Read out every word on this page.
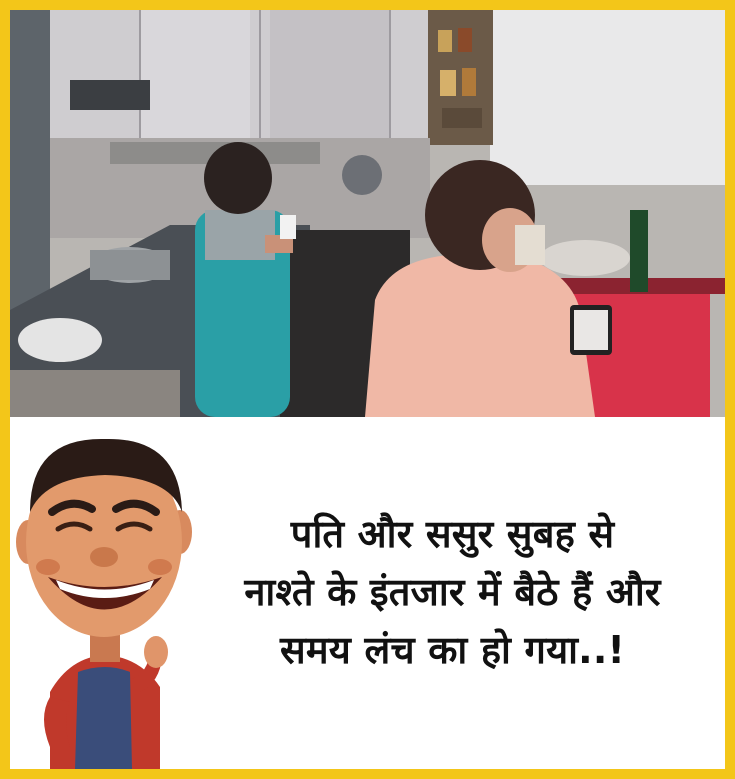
पति और ससुर सुबह से
नाश्ते के इंतजार में बैठे हैं और
समय लंच का हो गया..!
